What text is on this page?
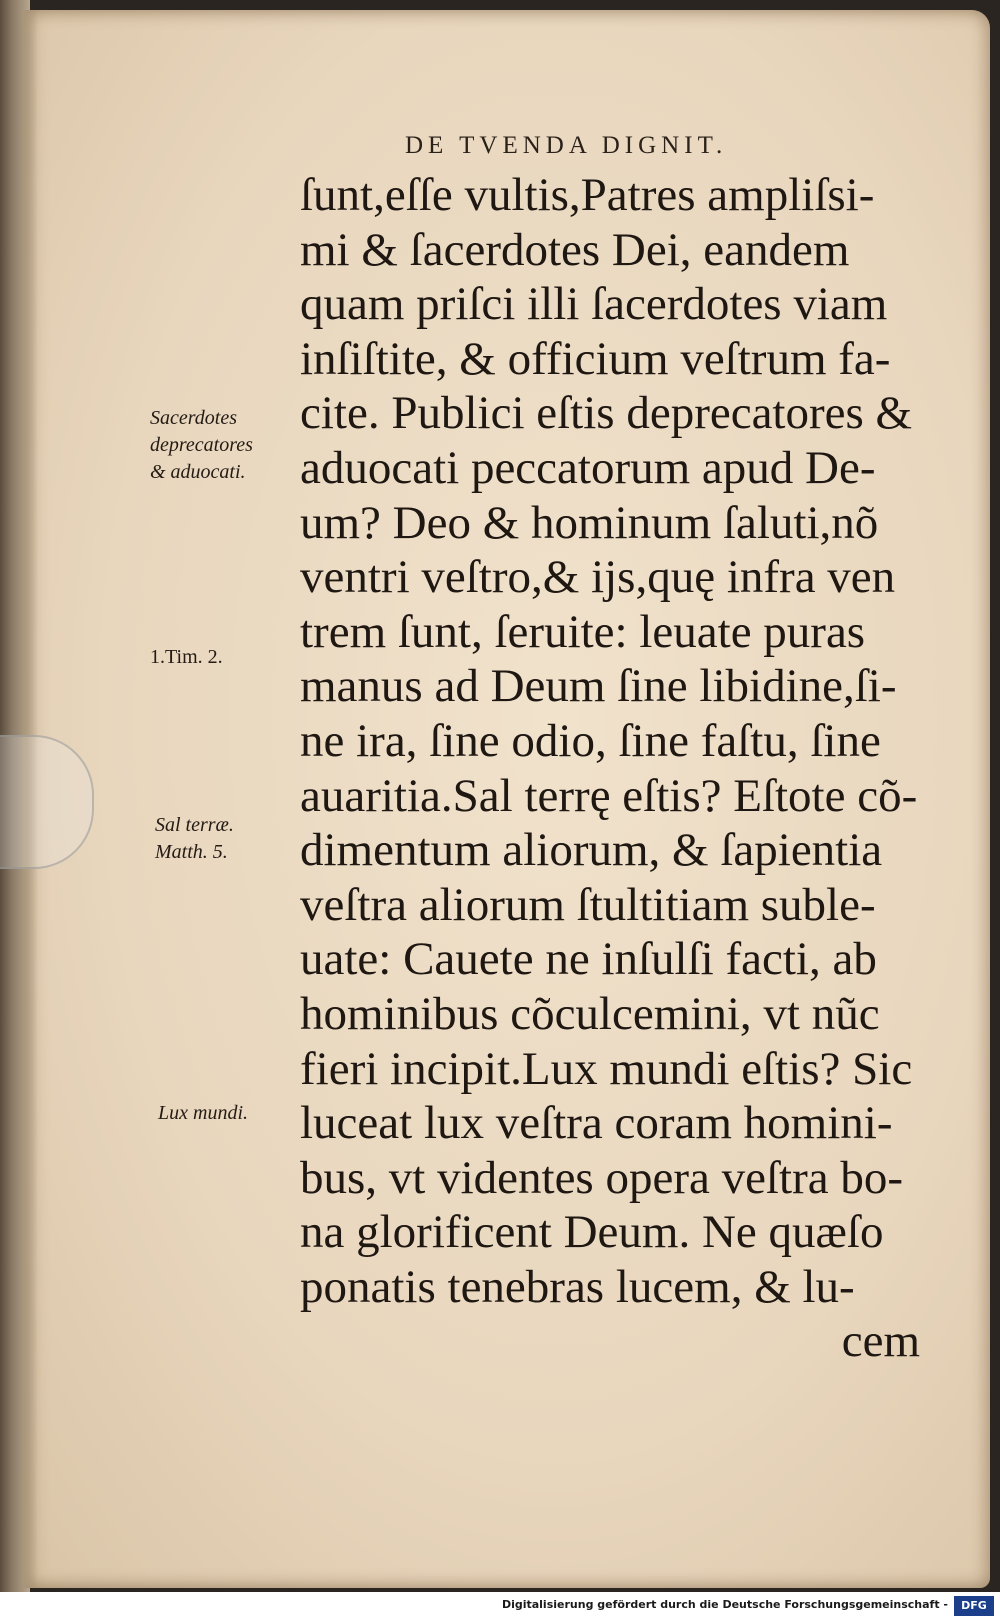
DE TVENDA DIGNIT.
ſunt,eſſe vultis,Patres ampliſsi-
mi & ſacerdotes Dei, eandem
quam priſci illi ſacerdotes viam
inſiſtite, & officium veſtrum fa-
cite. Publici eſtis deprecatores &
aduocati peccatorum apud De-
um? Deo & hominum ſaluti,nõ
ventri veſtro,& ijs,quę infra ven
trem ſunt, ſeruite: leuate puras
manus ad Deum ſine libidine,ſi-
ne ira, ſine odio, ſine faſtu, ſine
auaritia.Sal terrę eſtis? Eſtote cõ-
dimentum aliorum, & ſapientia
veſtra aliorum ſtultitiam suble-
uate: Cauete ne inſulſi facti, ab
hominibus cõculcemini, vt nũc
fieri incipit.Lux mundi eſtis? Sic
luceat lux veſtra coram homini-
bus, vt videntes opera veſtra bo-
na glorificent Deum. Ne quæſo
ponatis tenebras lucem, & lu-
cem
Sacerdotes
deprecatores
& aduocati.
1.Tim. 2.
Sal terræ.
Matth. 5.
Lux mundi.
Digitalisierung gefördert durch die Deutsche Forschungsgemeinschaft -	DFG
